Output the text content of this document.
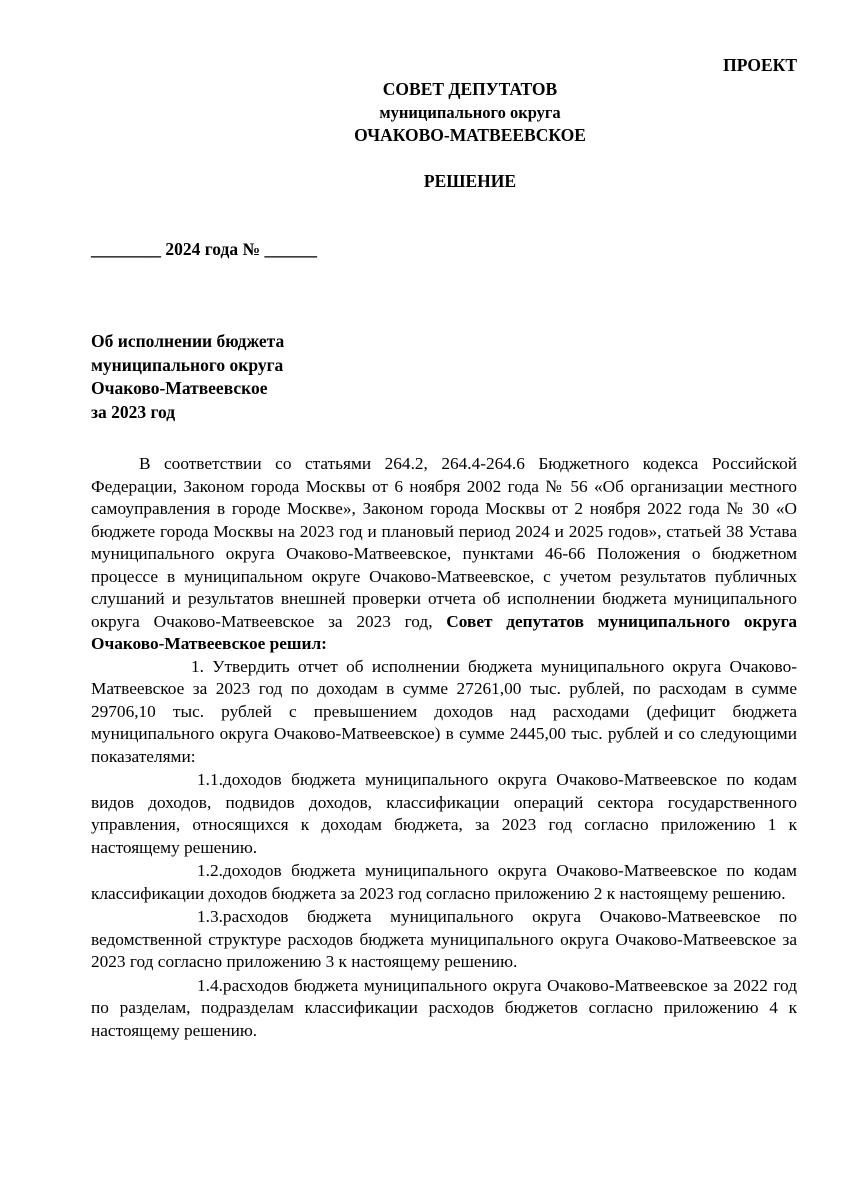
ПРОЕКТ
СОВЕТ ДЕПУТАТОВ
муниципального округа
ОЧАКОВО-МАТВЕЕВСКОЕ
РЕШЕНИЕ
________ 2024 года № ______
Об исполнении бюджета
муниципального округа
Очаково-Матвеевское
за 2023 год

В соответствии со статьями 264.2, 264.4-264.6 Бюджетного кодекса Российской Федерации, Законом города Москвы от 6 ноября 2002 года № 56 «Об организации местного самоуправления в городе Москве», Законом города Москвы от 2 ноября 2022 года № 30 «О бюджете города Москвы на 2023 год и плановый период 2024 и 2025 годов», статьей 38 Устава муниципального округа Очаково-Матвеевское, пунктами 46-66 Положения о бюджетном процессе в муниципальном округе Очаково-Матвеевское, с учетом результатов публичных слушаний и результатов внешней проверки отчета об исполнении бюджета муниципального округа Очаково-Матвеевское за 2023 год, Совет депутатов муниципального округа Очаково-Матвеевское решил:

1. Утвердить отчет об исполнении бюджета муниципального округа Очаково-Матвеевское за 2023 год по доходам в сумме 27261,00 тыс. рублей, по расходам в сумме 29706,10 тыс. рублей с превышением доходов над расходами (дефицит бюджета муниципального округа Очаково-Матвеевское) в сумме 2445,00 тыс. рублей и со следующими показателями:

1.1.доходов бюджета муниципального округа Очаково-Матвеевское по кодам видов доходов, подвидов доходов, классификации операций сектора государственного управления, относящихся к доходам бюджета, за 2023 год согласно приложению 1 к настоящему решению.

1.2.доходов бюджета муниципального округа Очаково-Матвеевское по кодам классификации доходов бюджета за 2023 год согласно приложению 2 к настоящему решению.

1.3.расходов бюджета муниципального округа Очаково-Матвеевское по ведомственной структуре расходов бюджета муниципального округа Очаково-Матвеевское за 2023 год согласно приложению 3 к настоящему решению.

1.4.расходов бюджета муниципального округа Очаково-Матвеевское за 2022 год по разделам, подразделам классификации расходов бюджетов согласно приложению 4 к настоящему решению.
